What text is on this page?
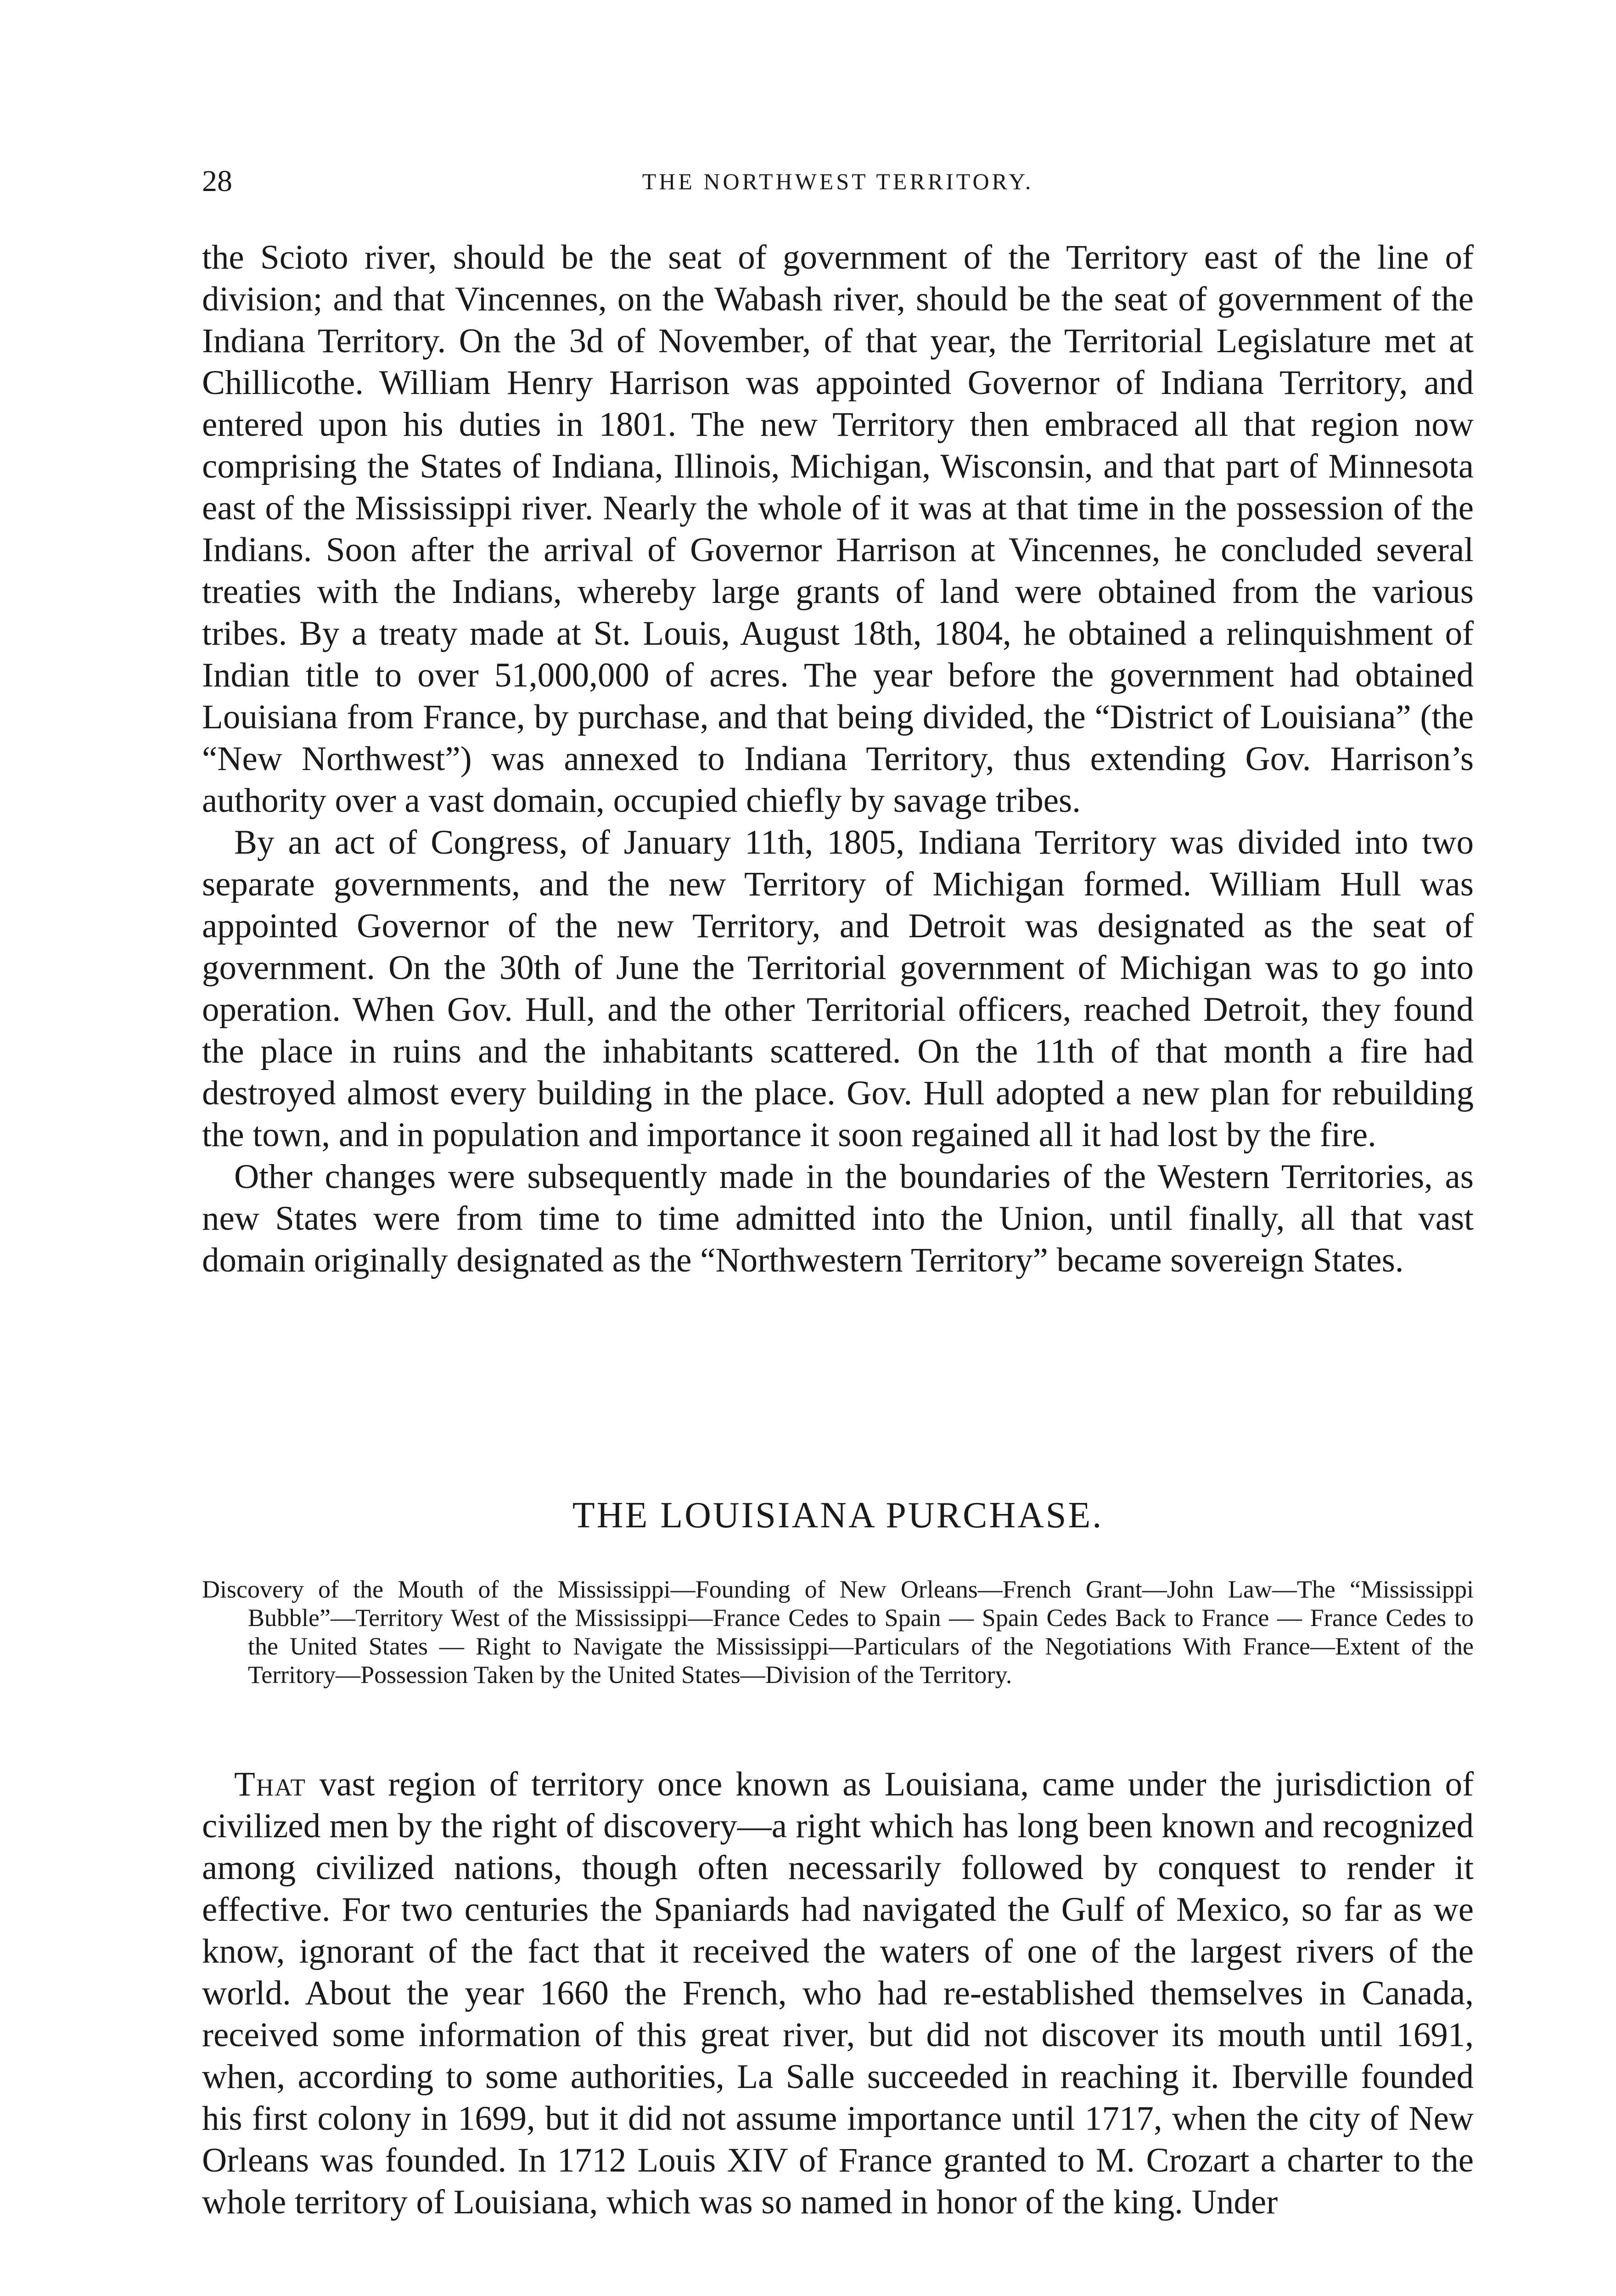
28	THE NORTHWEST TERRITORY.

the Scioto river, should be the seat of government of the Territory east of the line of division; and that Vincennes, on the Wabash river, should be the seat of government of the Indiana Territory. On the 3d of November, of that year, the Territorial Legislature met at Chillicothe. William Henry Harrison was appointed Governor of Indiana Territory, and entered upon his duties in 1801. The new Territory then embraced all that region now comprising the States of Indiana, Illinois, Michigan, Wisconsin, and that part of Minnesota east of the Mississippi river. Nearly the whole of it was at that time in the possession of the Indians. Soon after the arrival of Governor Harrison at Vincennes, he concluded several treaties with the Indians, whereby large grants of land were obtained from the various tribes. By a treaty made at St. Louis, August 18th, 1804, he obtained a relinquishment of Indian title to over 51,000,000 of acres. The year before the government had obtained Louisiana from France, by purchase, and that being divided, the “District of Louisiana” (the “New Northwest”) was annexed to Indiana Territory, thus extending Gov. Harrison’s authority over a vast domain, occupied chiefly by savage tribes.

By an act of Congress, of January 11th, 1805, Indiana Territory was divided into two separate governments, and the new Territory of Michigan formed. William Hull was appointed Governor of the new Territory, and Detroit was designated as the seat of government. On the 30th of June the Territorial government of Michigan was to go into operation. When Gov. Hull, and the other Territorial officers, reached Detroit, they found the place in ruins and the inhabitants scattered. On the 11th of that month a fire had destroyed almost every building in the place. Gov. Hull adopted a new plan for rebuilding the town, and in population and importance it soon regained all it had lost by the fire.

Other changes were subsequently made in the boundaries of the Western Territories, as new States were from time to time admitted into the Union, until finally, all that vast domain originally designated as the “Northwestern Territory” became sovereign States.

THE LOUISIANA PURCHASE.

Discovery of the Mouth of the Mississippi—Founding of New Orleans—French Grant—John Law—The “Mississippi Bubble”—Territory West of the Mississippi—France Cedes to Spain — Spain Cedes Back to France — France Cedes to the United States — Right to Navigate the Mississippi—Particulars of the Negotiations With France—Extent of the Territory—Possession Taken by the United States—Division of the Territory.

That vast region of territory once known as Louisiana, came under the jurisdiction of civilized men by the right of discovery—a right which has long been known and recognized among civilized nations, though often necessarily followed by conquest to render it effective. For two centuries the Spaniards had navigated the Gulf of Mexico, so far as we know, ignorant of the fact that it received the waters of one of the largest rivers of the world. About the year 1660 the French, who had re-established themselves in Canada, received some information of this great river, but did not discover its mouth until 1691, when, according to some authorities, La Salle succeeded in reaching it. Iberville founded his first colony in 1699, but it did not assume importance until 1717, when the city of New Orleans was founded. In 1712 Louis XIV of France granted to M. Crozart a charter to the whole territory of Louisiana, which was so named in honor of the king. Under
